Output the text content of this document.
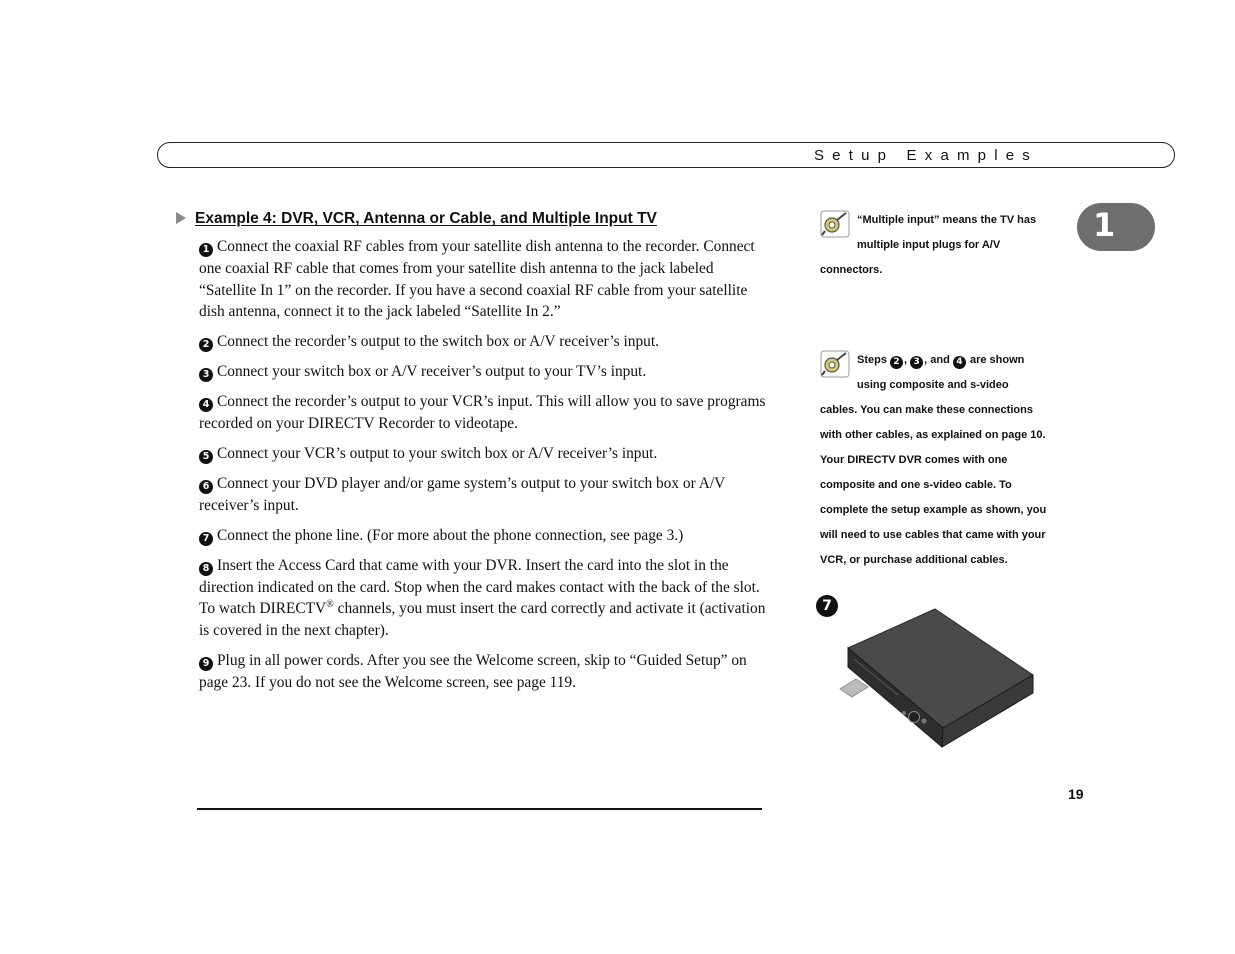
Setup Examples
1
Example 4: DVR, VCR, Antenna or Cable, and Multiple Input TV

1 Connect the coaxial RF cables from your satellite dish antenna to the recorder. Connect one coaxial RF cable that comes from your satellite dish antenna to the jack labeled “Satellite In 1” on the recorder. If you have a second coaxial RF cable from your satellite dish antenna, connect it to the jack labeled “Satellite In 2.”

2 Connect the recorder’s output to the switch box or A/V receiver’s input.

3 Connect your switch box or A/V receiver’s output to your TV’s input.

4 Connect the recorder’s output to your VCR’s input. This will allow you to save programs recorded on your DIRECTV Recorder to videotape.

5 Connect your VCR’s output to your switch box or A/V receiver’s input.

6 Connect your DVD player and/or game system’s output to your switch box or A/V receiver’s input.

7 Connect the phone line. (For more about the phone connection, see page 3.)

8 Insert the Access Card that came with your DVR. Insert the card into the slot in the direction indicated on the card. Stop when the card makes contact with the back of the slot. To watch DIRECTV® channels, you must insert the card correctly and activate it (activation is covered in the next chapter).

9 Plug in all power cords. After you see the Welcome screen, skip to “Guided Setup” on page 23. If you do not see the Welcome screen, see page 119.

“Multiple input” means the TV has multiple input plugs for A/V connectors.
Steps 2 , 3 , and 4 are shown using composite and s-video cables. You can make these connections with other cables, as explained on page 10. Your DIRECTV DVR comes with one composite and one s-video cable. To complete the setup example as shown, you will need to use cables that came with your VCR, or purchase additional cables.
7
19
